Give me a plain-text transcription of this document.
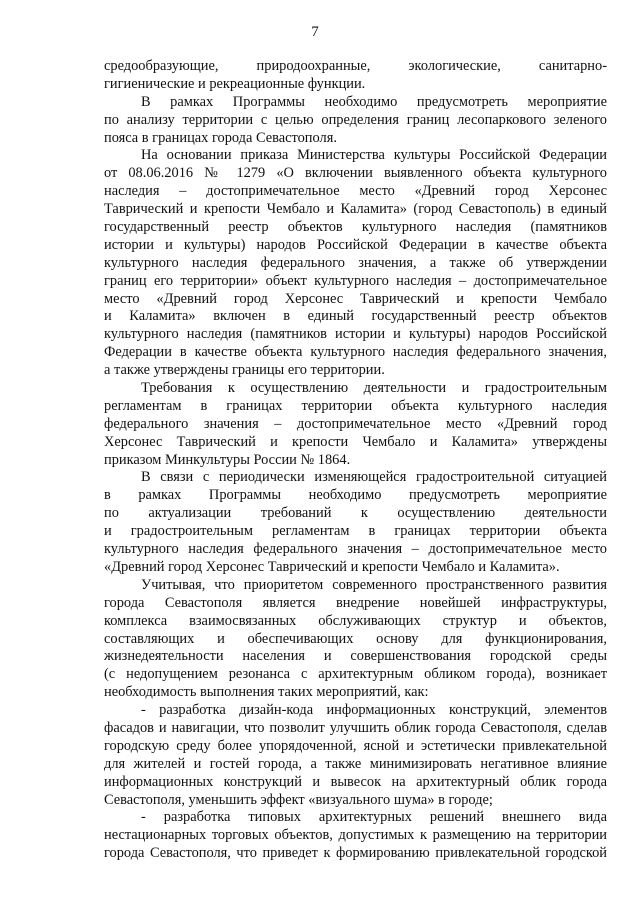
7
средообразующие, природоохранные, экологические, санитарно-
гигиенические и рекреационные функции.
В рамках Программы необходимо предусмотреть мероприятие
по анализу территории с целью определения границ лесопаркового зеленого
пояса в границах города Севастополя.
На основании приказа Министерства культуры Российской Федерации
от 08.06.2016 № 1279 «О включении выявленного объекта культурного
наследия – достопримечательное место «Древний город Херсонес
Таврический и крепости Чембало и Каламита» (город Севастополь) в единый
государственный реестр объектов культурного наследия (памятников
истории и культуры) народов Российской Федерации в качестве объекта
культурного наследия федерального значения, а также об утверждении
границ его территории» объект культурного наследия – достопримечательное
место «Древний город Херсонес Таврический и крепости Чембало
и Каламита» включен в единый государственный реестр объектов
культурного наследия (памятников истории и культуры) народов Российской
Федерации в качестве объекта культурного наследия федерального значения,
а также утверждены границы его территории.
Требования к осуществлению деятельности и градостроительным
регламентам в границах территории объекта культурного наследия
федерального значения – достопримечательное место «Древний город
Херсонес Таврический и крепости Чембало и Каламита» утверждены
приказом Минкультуры России № 1864.
В связи с периодически изменяющейся градостроительной ситуацией
в рамках Программы необходимо предусмотреть мероприятие
по актуализации требований к осуществлению деятельности
и градостроительным регламентам в границах территории объекта
культурного наследия федерального значения – достопримечательное место
«Древний город Херсонес Таврический и крепости Чембало и Каламита».
Учитывая, что приоритетом современного пространственного развития
города Севастополя является внедрение новейшей инфраструктуры,
комплекса взаимосвязанных обслуживающих структур и объектов,
составляющих и обеспечивающих основу для функционирования,
жизнедеятельности населения и совершенствования городской среды
(с недопущением резонанса с архитектурным обликом города), возникает
необходимость выполнения таких мероприятий, как:
- разработка дизайн-кода информационных конструкций, элементов
фасадов и навигации, что позволит улучшить облик города Севастополя, сделав
городскую среду более упорядоченной, ясной и эстетически привлекательной
для жителей и гостей города, а также минимизировать негативное влияние
информационных конструкций и вывесок на архитектурный облик города
Севастополя, уменьшить эффект «визуального шума» в городе;
- разработка типовых архитектурных решений внешнего вида
нестационарных торговых объектов, допустимых к размещению на территории
города Севастополя, что приведет к формированию привлекательной городской
